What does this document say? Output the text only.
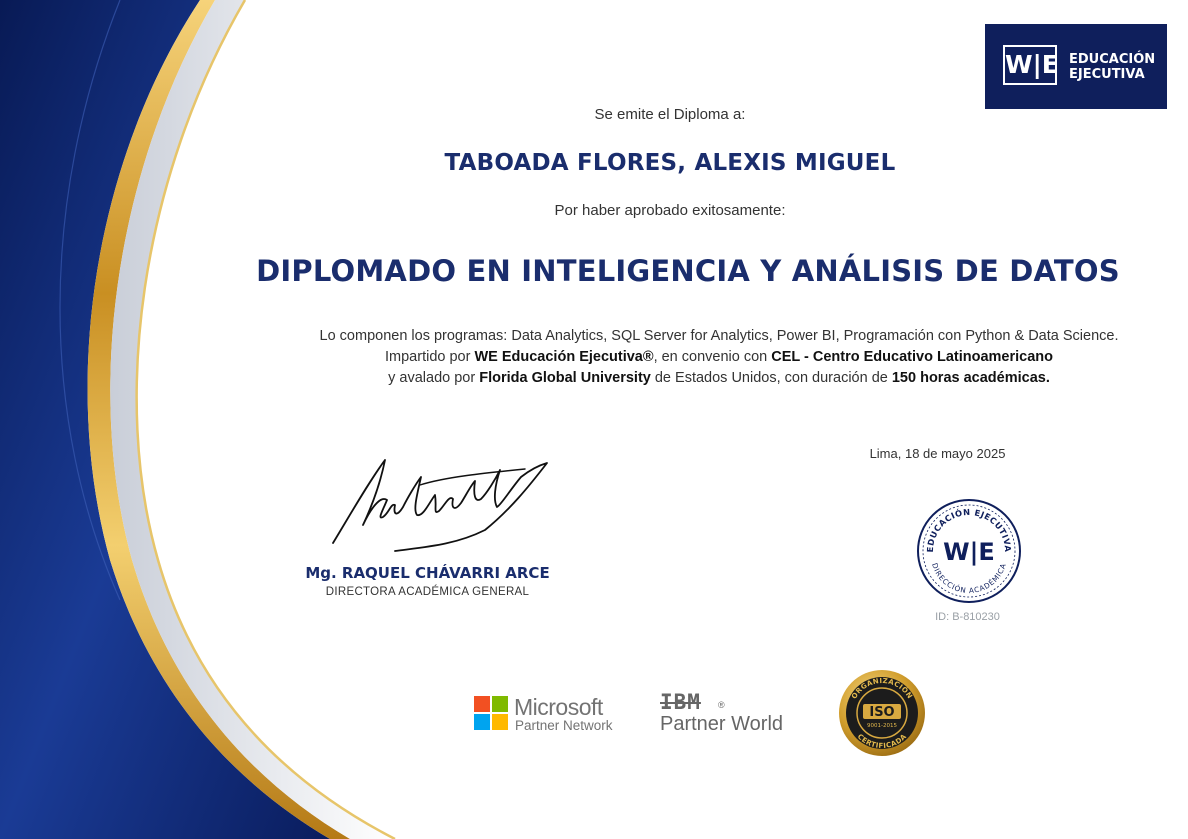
W|E EDUCACIÓN
EJECUTIVA
Se emite el Diploma a:
TABOADA FLORES, ALEXIS MIGUEL
Por haber aprobado exitosamente:
DIPLOMADO EN INTELIGENCIA Y ANÁLISIS DE DATOS
Lo componen los programas: Data Analytics, SQL Server for Analytics, Power BI, Programación con Python & Data Science.
Impartido por WE Educación Ejecutiva®, en convenio con CEL - Centro Educativo Latinoamericano
y avalado por Florida Global University de Estados Unidos, con duración de 150 horas académicas.
Mg. RAQUEL CHÁVARRI ARCE
DIRECTORA ACADÉMICA GENERAL
Lima, 18 de mayo 2025
EDUCACIÓN EJECUTIVA
DIRECCIÓN ACADÉMICA
W|E
ID: B-810230
Microsoft
Partner Network
IBM ®
Partner World
ORGANIZACIÓN
CERTIFICADA
ISO
9001-2015
